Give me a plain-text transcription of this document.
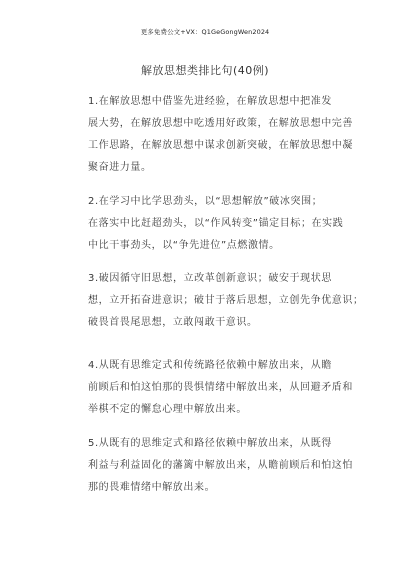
更多免费公文+VX：Q1GeGongWen2024
解放思想类排比句(40例)
1.在解放思想中借鉴先进经验，在解放思想中把准发
展大势，在解放思想中吃透用好政策，在解放思想中完善
工作思路，在解放思想中谋求创新突破，在解放思想中凝
聚奋进力量。
2.在学习中比学思劲头，以“思想解放”破冰突围；
在落实中比赶超劲头，以“作风转变”锚定目标；在实践
中比干事劲头，以“争先进位”点燃激情。
3.破因循守旧思想，立改革创新意识；破安于现状思
想，立开拓奋进意识；破甘于落后思想，立创先争优意识；
破畏首畏尾思想，立敢闯敢干意识。
4.从既有思维定式和传统路径依赖中解放出来，从瞻
前顾后和怕这怕那的畏惧情绪中解放出来，从回避矛盾和
举棋不定的懈怠心理中解放出来。
5.从既有的思维定式和路径依赖中解放出来，从既得
利益与利益固化的藩篱中解放出来，从瞻前顾后和怕这怕
那的畏难情绪中解放出来。
